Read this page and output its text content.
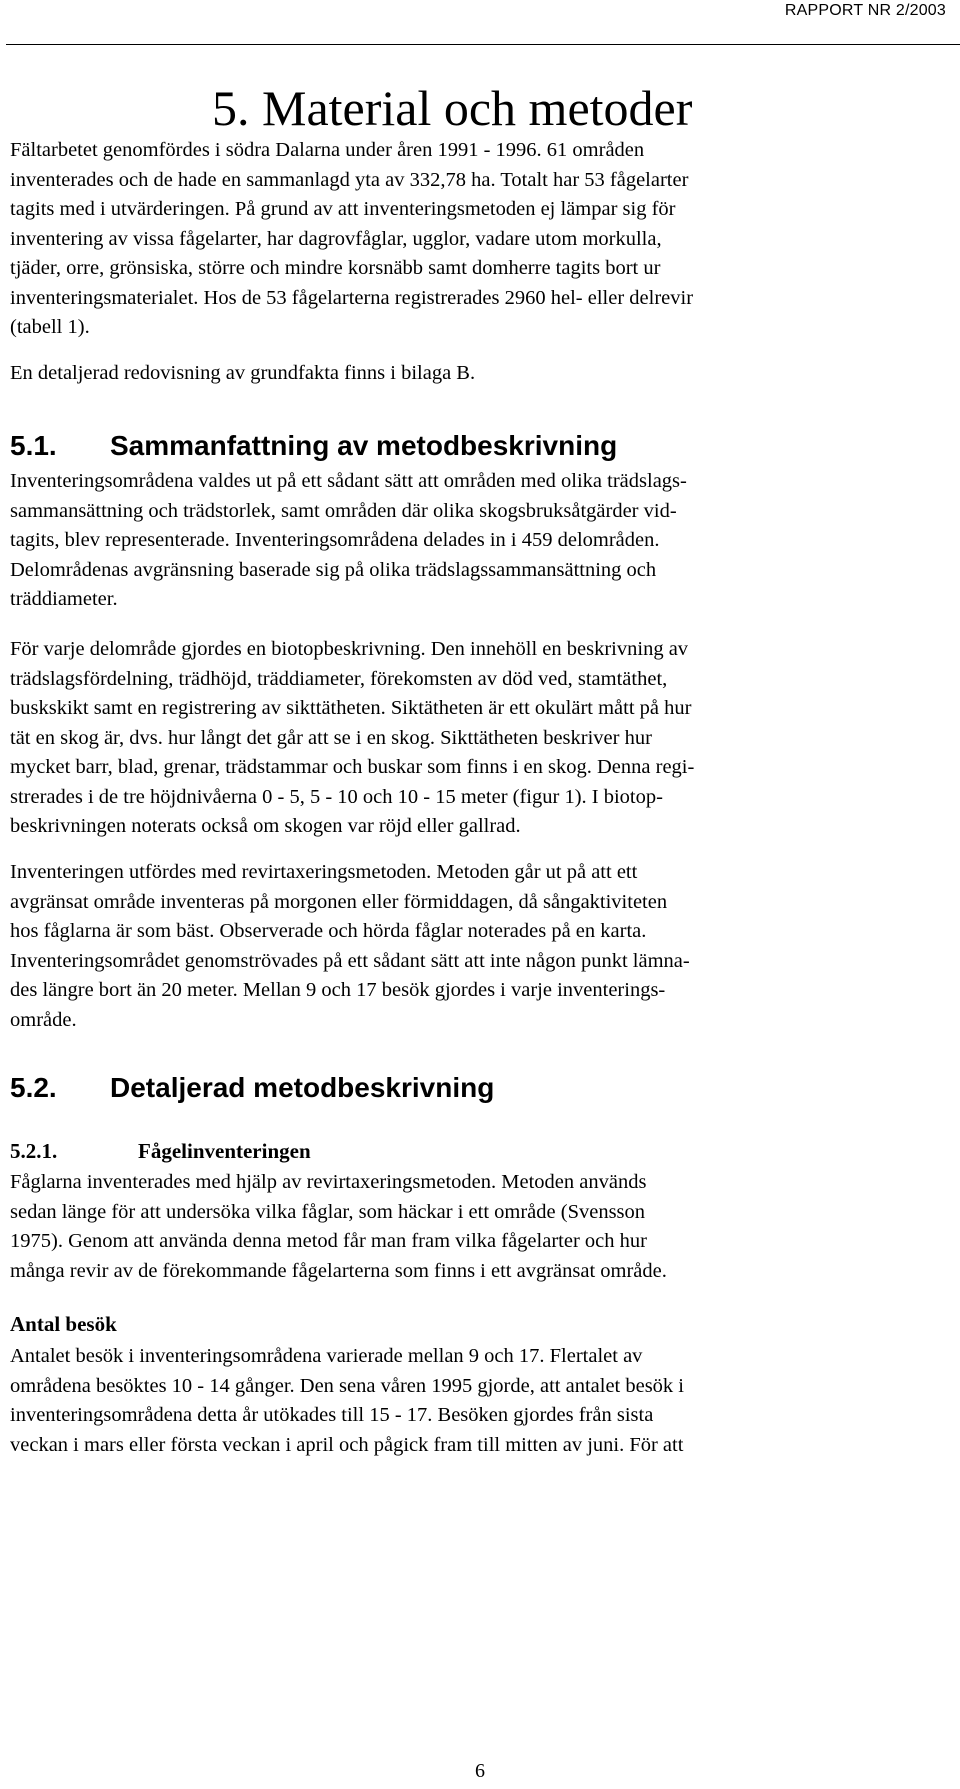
RAPPORT NR 2/2003
5. Material och metoder
Fältarbetet genomfördes i södra Dalarna under åren 1991 - 1996. 61 områden
inventerades och de hade en sammanlagd yta av 332,78 ha. Totalt har 53 fågelarter
tagits med i utvärderingen. På grund av att inventeringsmetoden ej lämpar sig för
inventering av vissa fågelarter, har dagrovfåglar, ugglor, vadare utom morkulla,
tjäder, orre, grönsiska, större och mindre korsnäbb samt domherre tagits bort ur
inventeringsmaterialet. Hos de 53 fågelarterna registrerades 2960 hel- eller delrevir
(tabell 1).
En detaljerad redovisning av grundfakta finns i bilaga B.
5.1. Sammanfattning av metodbeskrivning
Inventeringsområdena valdes ut på ett sådant sätt att områden med olika trädslags-
sammansättning och trädstorlek, samt områden där olika skogsbruksåtgärder vid-
tagits, blev representerade. Inventeringsområdena delades in i 459 delområden.
Delområdenas avgränsning baserade sig på olika trädslagssammansättning och
träddiameter.
För varje delområde gjordes en biotopbeskrivning. Den innehöll en beskrivning av
trädslagsfördelning, trädhöjd, träddiameter, förekomsten av död ved, stamtäthet,
buskskikt samt en registrering av sikttätheten. Siktätheten är ett okulärt mått på hur
tät en skog är, dvs. hur långt det går att se i en skog. Sikttätheten beskriver hur
mycket barr, blad, grenar, trädstammar och buskar som finns i en skog. Denna regi-
strerades i de tre höjdnivåerna 0 - 5, 5 - 10 och 10 - 15 meter (figur 1). I biotop-
beskrivningen noterats också om skogen var röjd eller gallrad.
Inventeringen utfördes med revirtaxeringsmetoden. Metoden går ut på att ett
avgränsat område inventeras på morgonen eller förmiddagen, då sångaktiviteten
hos fåglarna är som bäst. Observerade och hörda fåglar noterades på en karta.
Inventeringsområdet genomströvades på ett sådant sätt att inte någon punkt lämna-
des längre bort än 20 meter. Mellan 9 och 17 besök gjordes i varje inventerings-
område.
5.2. Detaljerad metodbeskrivning
5.2.1.	Fågelinventeringen
Fåglarna inventerades med hjälp av revirtaxeringsmetoden. Metoden används
sedan länge för att undersöka vilka fåglar, som häckar i ett område (Svensson
1975). Genom att använda denna metod får man fram vilka fågelarter och hur
många revir av de förekommande fågelarterna som finns i ett avgränsat område.
Antal besök
Antalet besök i inventeringsområdena varierade mellan 9 och 17. Flertalet av
områdena besöktes 10 - 14 gånger. Den sena våren 1995 gjorde, att antalet besök i
inventeringsområdena detta år utökades till 15 - 17. Besöken gjordes från sista
veckan i mars eller första veckan i april och pågick fram till mitten av juni. För att
6
